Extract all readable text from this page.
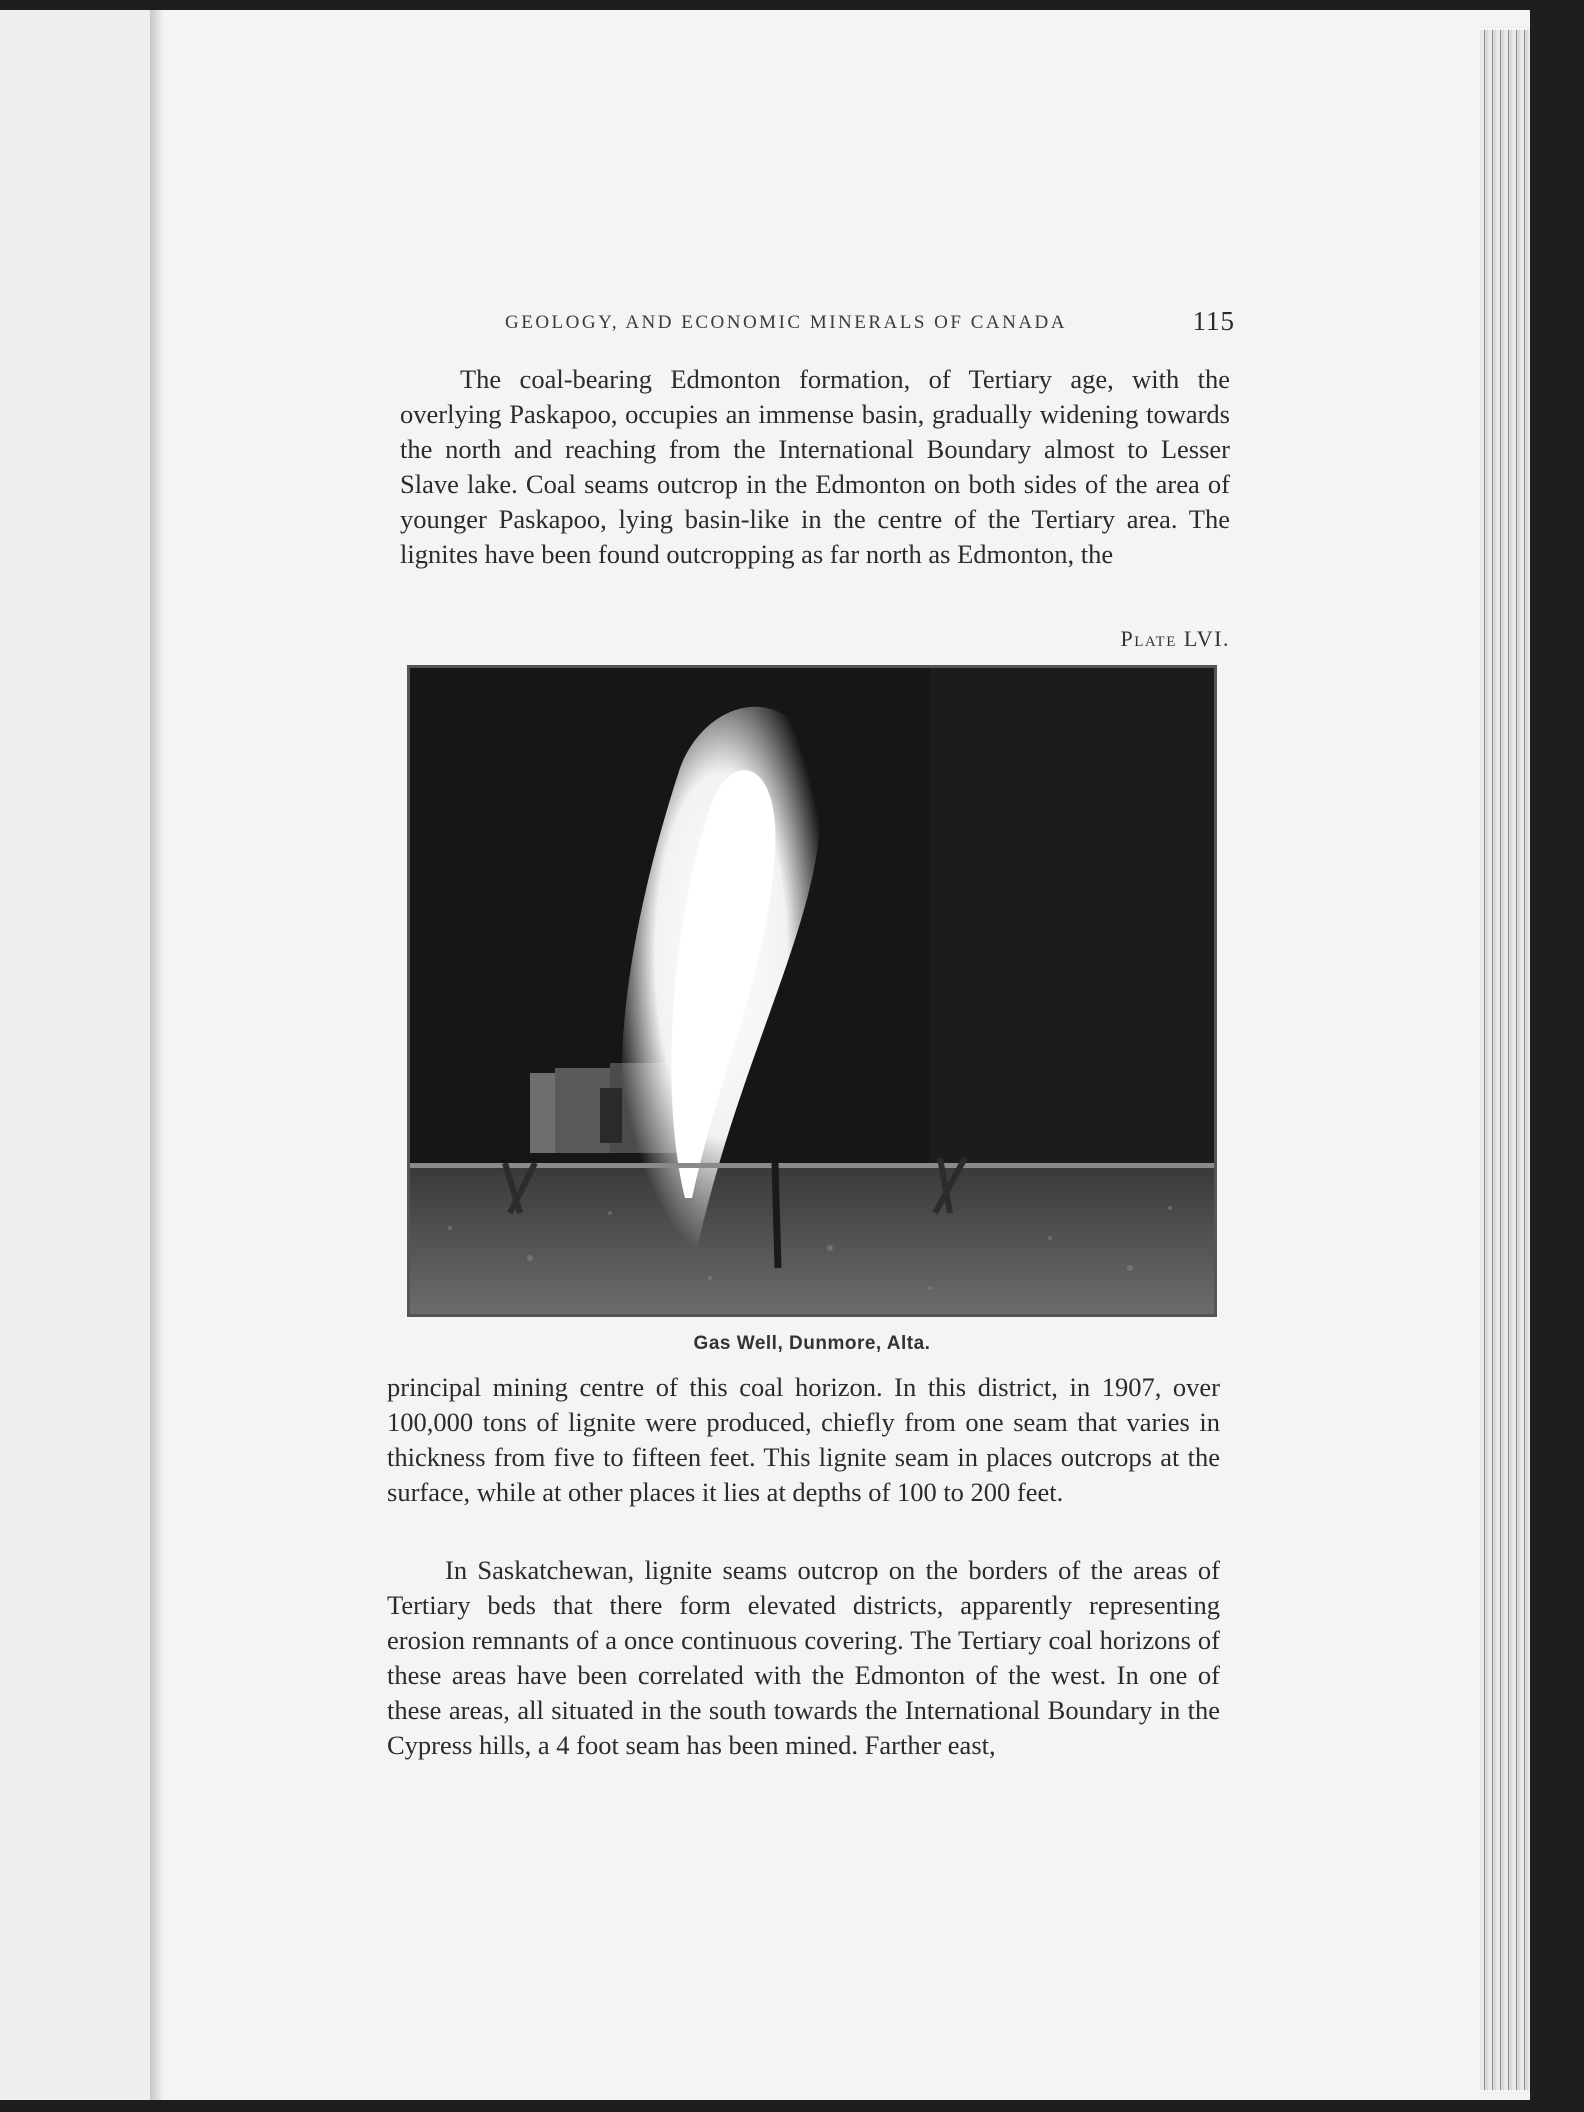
GEOLOGY, AND ECONOMIC MINERALS OF CANADA	115

The coal-bearing Edmonton formation, of Tertiary age, with the overlying Paskapoo, occupies an immense basin, gradually widening towards the north and reaching from the International Boundary almost to Lesser Slave lake. Coal seams outcrop in the Edmonton on both sides of the area of younger Paskapoo, lying basin-like in the centre of the Tertiary area. The lignites have been found outcropping as far north as Edmonton, the

Plate LVI.
Gas Well, Dunmore, Alta.

principal mining centre of this coal horizon. In this district, in 1907, over 100,000 tons of lignite were produced, chiefly from one seam that varies in thickness from five to fifteen feet. This lignite seam in places outcrops at the surface, while at other places it lies at depths of 100 to 200 feet.

In Saskatchewan, lignite seams outcrop on the borders of the areas of Tertiary beds that there form elevated districts, apparently representing erosion remnants of a once continuous covering. The Tertiary coal horizons of these areas have been correlated with the Edmonton of the west. In one of these areas, all situated in the south towards the International Boundary in the Cypress hills, a 4 foot seam has been mined. Farther east,
